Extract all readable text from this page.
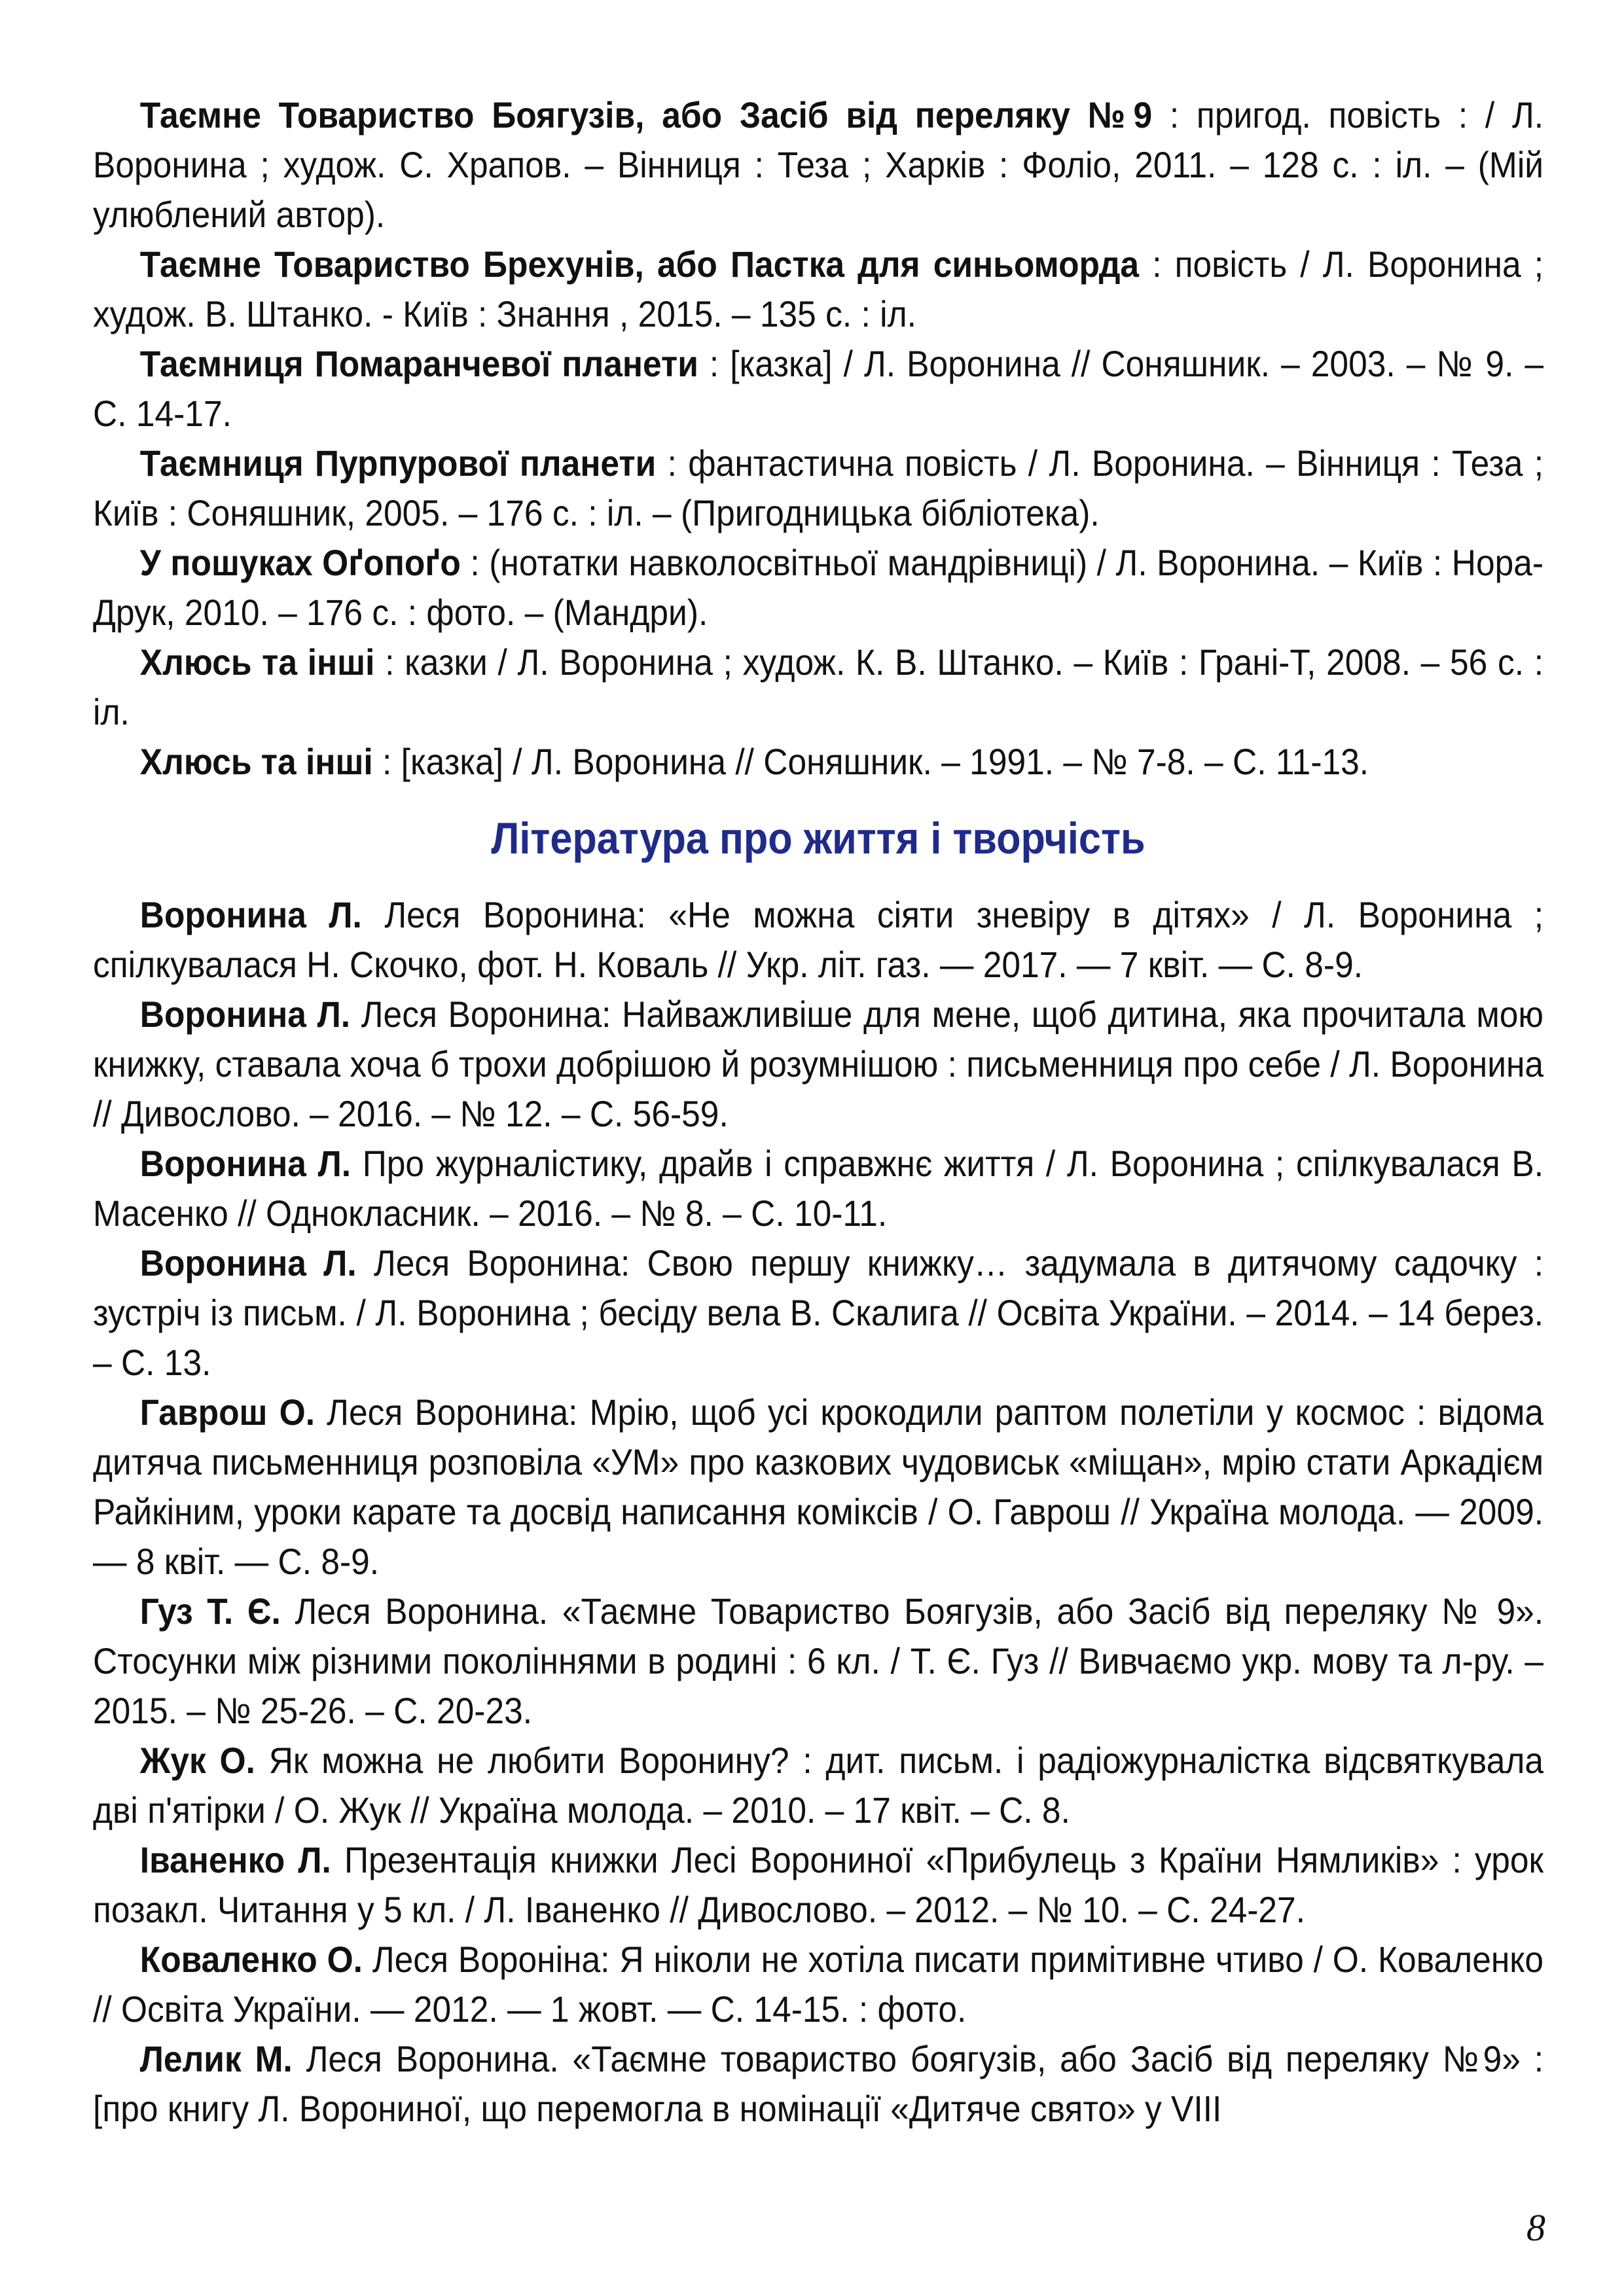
Таємне Товариство Боягузів, або Засіб від переляку №9 : пригод. повість : / Л. Воронина ; худож. С. Храпов. – Вінниця : Теза ; Харків : Фоліо, 2011. – 128 с. : іл. – (Мій улюблений автор).

Таємне Товариство Брехунів, або Пастка для синьоморда : повість / Л. Воронина ; худож. В. Штанко. - Київ : Знання , 2015. – 135 с. : іл.

Таємниця Помаранчевої планети : [казка] / Л. Воронина // Соняшник. – 2003. – № 9. – С. 14-17.

Таємниця Пурпурової планети : фантастична повість / Л. Воронина. – Вінниця : Теза ; Київ : Соняшник, 2005. – 176 с. : іл. – (Пригодницька бібліотека).

У пошуках Оґопоґо : (нотатки навколосвітньої мандрівниці) / Л. Воронина. – Київ : Нора-Друк, 2010. – 176 с. : фото. – (Мандри).

Хлюсь та інші : казки / Л. Воронина ; худож. К. В. Штанко. – Київ : Грані-Т, 2008. – 56 с. : іл.

Хлюсь та інші : [казка] / Л. Воронина // Соняшник. – 1991. – № 7-8. – С. 11-13.

Література про життя і творчість

Воронина Л. Леся Воронина: «Не можна сіяти зневіру в дітях» / Л. Воронина ; спілкувалася Н. Скочко, фот. Н. Коваль // Укр. літ. газ. — 2017. — 7 квіт. — С. 8-9.

Воронина Л. Леся Воронина: Найважливіше для мене, щоб дитина, яка прочитала мою книжку, ставала хоча б трохи добрішою й розумнішою : письменниця про себе / Л. Воронина // Дивослово. – 2016. – № 12. – С. 56-59.

Воронина Л. Про журналістику, драйв і справжнє життя / Л. Воронина ; спілкувалася В. Масенко // Однокласник. – 2016. – № 8. – С. 10-11.

Воронина Л. Леся Воронина: Свою першу книжку… задумала в дитячому садочку : зустріч із письм. / Л. Воронина ; бесіду вела В. Скалига // Освіта України. – 2014. – 14 берез. – С. 13.

Гаврош О. Леся Воронина: Мрію, щоб усі крокодили раптом полетіли у космос : відома дитяча письменниця розповіла «УМ» про казкових чудовиськ «міщан», мрію стати Аркадієм Райкіним, уроки карате та досвід написання коміксів / О. Гаврош // Україна молода. — 2009. — 8 квіт. — С. 8-9.

Гуз Т. Є. Леся Воронина. «Таємне Товариство Боягузів, або Засіб від переляку № 9». Стосунки між різними поколіннями в родині : 6 кл. / Т. Є. Гуз // Вивчаємо укр. мову та л-ру. – 2015. – № 25-26. – С. 20-23.

Жук О. Як можна не любити Воронину? : дит. письм. і радіожурналістка відсвяткувала дві п'ятірки / О. Жук // Україна молода. – 2010. – 17 квіт. – С. 8.

Іваненко Л. Презентація книжки Лесі Ворониної «Прибулець з Країни Нямликів» : урок позакл. Читання у 5 кл. / Л. Іваненко // Дивослово. – 2012. – № 10. – С. 24-27.

Коваленко О. Леся Вороніна: Я ніколи не хотіла писати примітивне чтиво / О. Коваленко // Освіта України. — 2012. — 1 жовт. — С. 14-15. : фото.

Лелик М. Леся Воронина. «Таємне товариство боягузів, або Засіб від переляку №9» : [про книгу Л. Ворониної, що перемогла в номінації «Дитяче свято» у VIII

8
